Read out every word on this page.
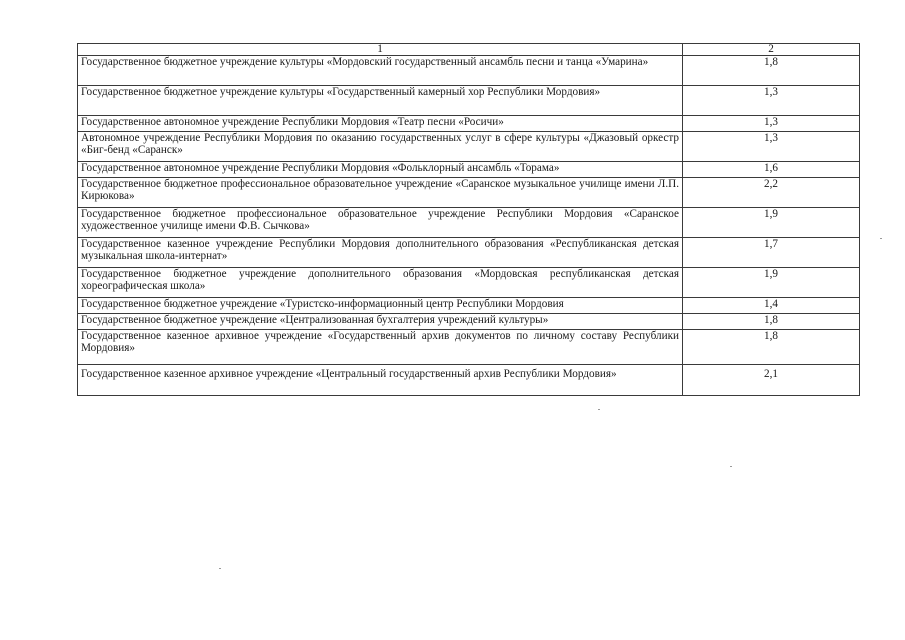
1	2
Государственное бюджетное учреждение культуры «Мордовский государственный ансамбль песни и танца «Умарина»	1,8
Государственное бюджетное учреждение культуры «Государственный камерный хор Республики Мордовия»	1,3
Государственное автономное учреждение Республики Мордовия «Театр песни «Росичи»	1,3
Автономное учреждение Республики Мордовия по оказанию государственных услуг в сфере культуры «Джазовый оркестр «Биг-бенд «Саранск»	1,3
Государственное автономное учреждение Республики Мордовия «Фольклорный ансамбль «Торама»	1,6
Государственное бюджетное профессиональное образовательное учреждение «Саранское музыкальное училище имени Л.П. Кирюкова»	2,2
Государственное бюджетное профессиональное образовательное учреждение Республики Мордовия «Саранское художественное училище имени Ф.В. Сычкова»	1,9
Государственное казенное учреждение Республики Мордовия дополнительного образования «Республиканская детская музыкальная школа-интернат»	1,7
Государственное бюджетное учреждение дополнительного образования «Мордовская республиканская детская хореографическая школа»	1,9
Государственное бюджетное учреждение «Туристско-информационный центр Республики Мордовия	1,4
Государственное бюджетное учреждение «Централизованная бухгалтерия учреждений культуры»	1,8
Государственное казенное архивное учреждение «Государственный архив документов по личному составу Республики Мордовия»	1,8
Государственное казенное архивное учреждение «Центральный государственный архив Республики Мордовия»	2,1
